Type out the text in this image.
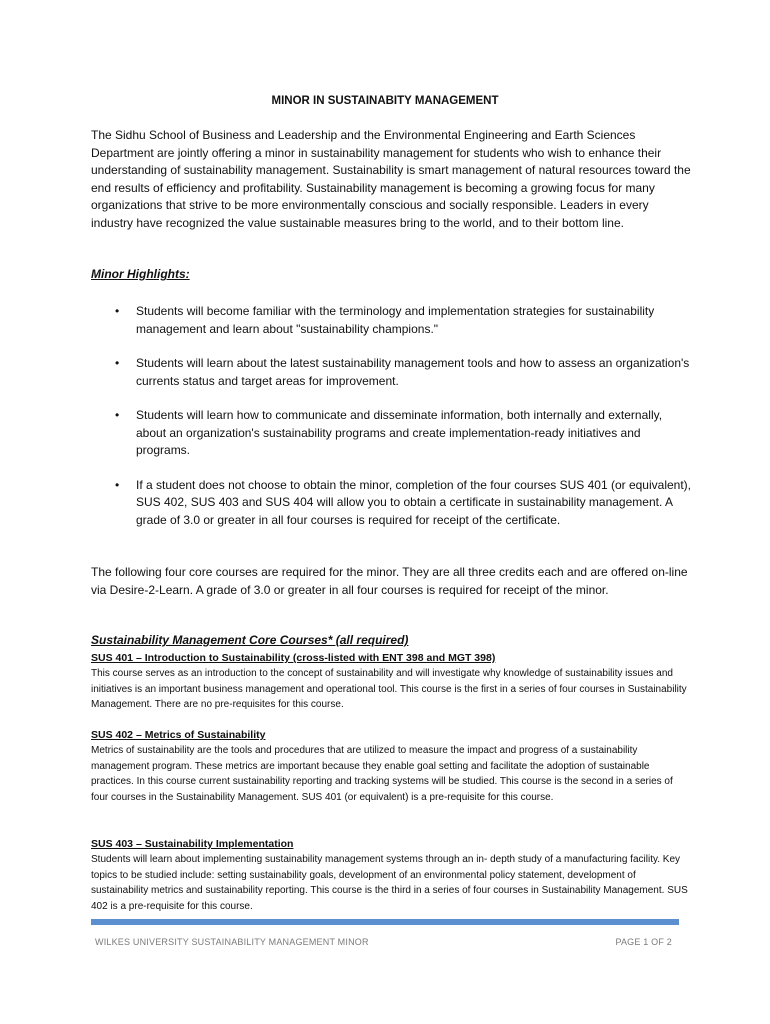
MINOR IN SUSTAINABITY MANAGEMENT

The Sidhu School of Business and Leadership and the Environmental Engineering and Earth Sciences Department are jointly offering a minor in sustainability management for students who wish to enhance their understanding of sustainability management. Sustainability is smart management of natural resources toward the end results of efficiency and profitability. Sustainability management is becoming a growing focus for many organizations that strive to be more environmentally conscious and socially responsible. Leaders in every industry have recognized the value sustainable measures bring to the world, and to their bottom line.

Minor Highlights:
• Students will become familiar with the terminology and implementation strategies for sustainability management and learn about "sustainability champions."
• Students will learn about the latest sustainability management tools and how to assess an organization's currents status and target areas for improvement.
• Students will learn how to communicate and disseminate information, both internally and externally, about an organization's sustainability programs and create implementation-ready initiatives and programs.
• If a student does not choose to obtain the minor, completion of the four courses SUS 401 (or equivalent), SUS 402, SUS 403 and SUS 404 will allow you to obtain a certificate in sustainability management. A grade of 3.0 or greater in all four courses is required for receipt of the certificate.

The following four core courses are required for the minor. They are all three credits each and are offered on-line via Desire-2-Learn. A grade of 3.0 or greater in all four courses is required for receipt of the minor.

Sustainability Management Core Courses* (all required)
SUS 401 – Introduction to Sustainability (cross-listed with ENT 398 and MGT 398)

This course serves as an introduction to the concept of sustainability and will investigate why knowledge of sustainability issues and initiatives is an important business management and operational tool. This course is the first in a series of four courses in Sustainability Management. There are no pre-requisites for this course.

SUS 402 – Metrics of Sustainability

Metrics of sustainability are the tools and procedures that are utilized to measure the impact and progress of a sustainability management program. These metrics are important because they enable goal setting and facilitate the adoption of sustainable practices. In this course current sustainability reporting and tracking systems will be studied. This course is the second in a series of four courses in the Sustainability Management. SUS 401 (or equivalent) is a pre-requisite for this course.

SUS 403 – Sustainability Implementation

Students will learn about implementing sustainability management systems through an in- depth study of a manufacturing facility. Key topics to be studied include: setting sustainability goals, development of an environmental policy statement, development of sustainability metrics and sustainability reporting. This course is the third in a series of four courses in Sustainability Management. SUS 402 is a pre-requisite for this course.

WILKES UNIVERSITY SUSTAINABILITY MANAGEMENT MINOR	PAGE 1 OF 2
